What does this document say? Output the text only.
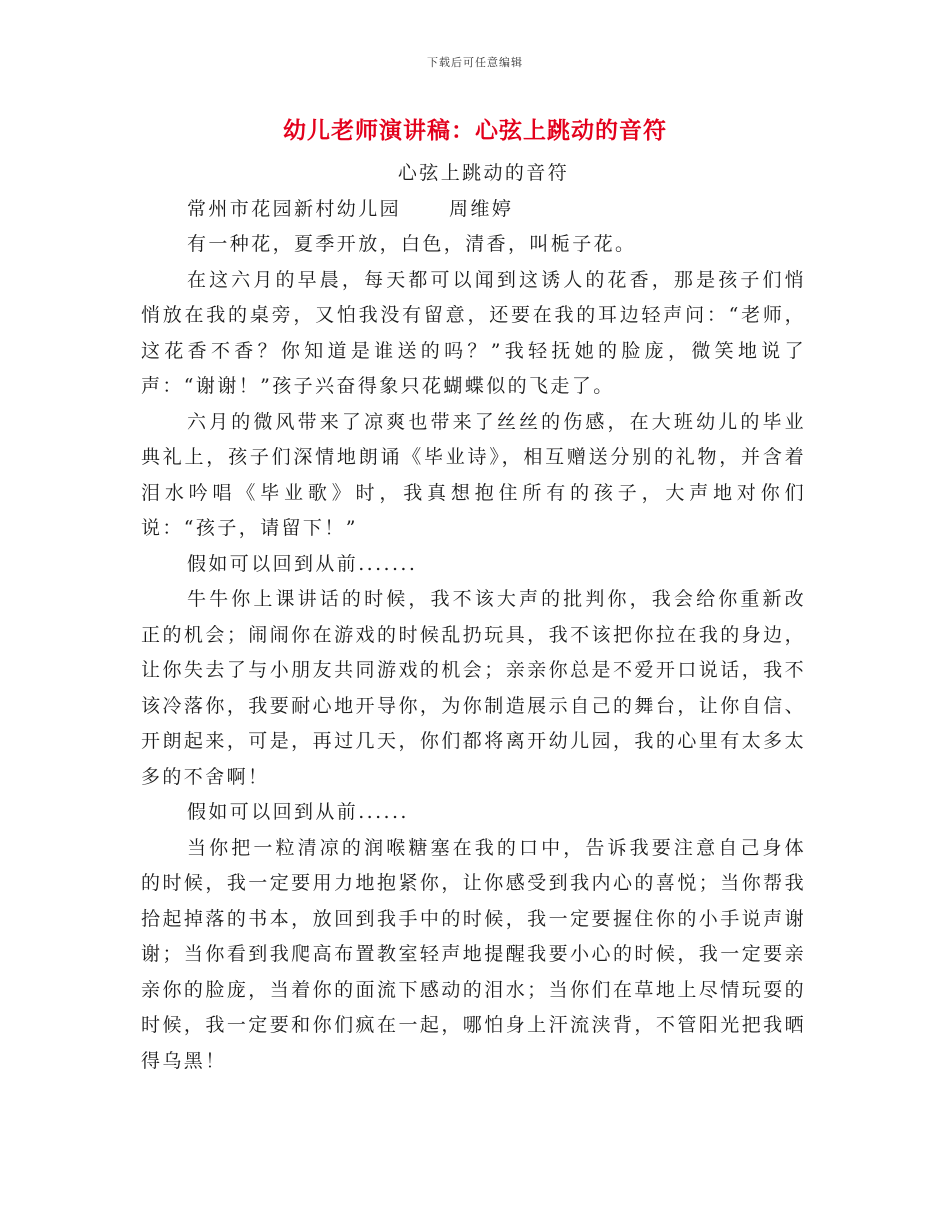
下载后可任意编辑
幼儿老师演讲稿：心弦上跳动的音符

心弦上跳动的音符

常州市花园新村幼儿园	周维婷

有一种花，夏季开放，白色，清香，叫栀子花。

在这六月的早晨，每天都可以闻到这诱人的花香，那是孩子们悄悄放在我的桌旁，又怕我没有留意，还要在我的耳边轻声问：“老师，这花香不香？你知道是谁送的吗？”我轻抚她的脸庞，微笑地说了声：“谢谢！”孩子兴奋得象只花蝴蝶似的飞走了。

六月的微风带来了凉爽也带来了丝丝的伤感，在大班幼儿的毕业典礼上，孩子们深情地朗诵《毕业诗》，相互赠送分别的礼物，并含着泪水吟唱《毕业歌》时，我真想抱住所有的孩子，大声地对你们说：“孩子，请留下！”

假如可以回到从前.......

牛牛你上课讲话的时候，我不该大声的批判你，我会给你重新改正的机会；闹闹你在游戏的时候乱扔玩具，我不该把你拉在我的身边，让你失去了与小朋友共同游戏的机会；亲亲你总是不爱开口说话，我不该冷落你，我要耐心地开导你，为你制造展示自己的舞台，让你自信、开朗起来，可是，再过几天，你们都将离开幼儿园，我的心里有太多太多的不舍啊！

假如可以回到从前......

当你把一粒清凉的润喉糖塞在我的口中，告诉我要注意自己身体的时候，我一定要用力地抱紧你，让你感受到我内心的喜悦；当你帮我拾起掉落的书本，放回到我手中的时候，我一定要握住你的小手说声谢谢；当你看到我爬高布置教室轻声地提醒我要小心的时候，我一定要亲亲你的脸庞，当着你的面流下感动的泪水；当你们在草地上尽情玩耍的时候，我一定要和你们疯在一起，哪怕身上汗流浃背，不管阳光把我晒得乌黑！
